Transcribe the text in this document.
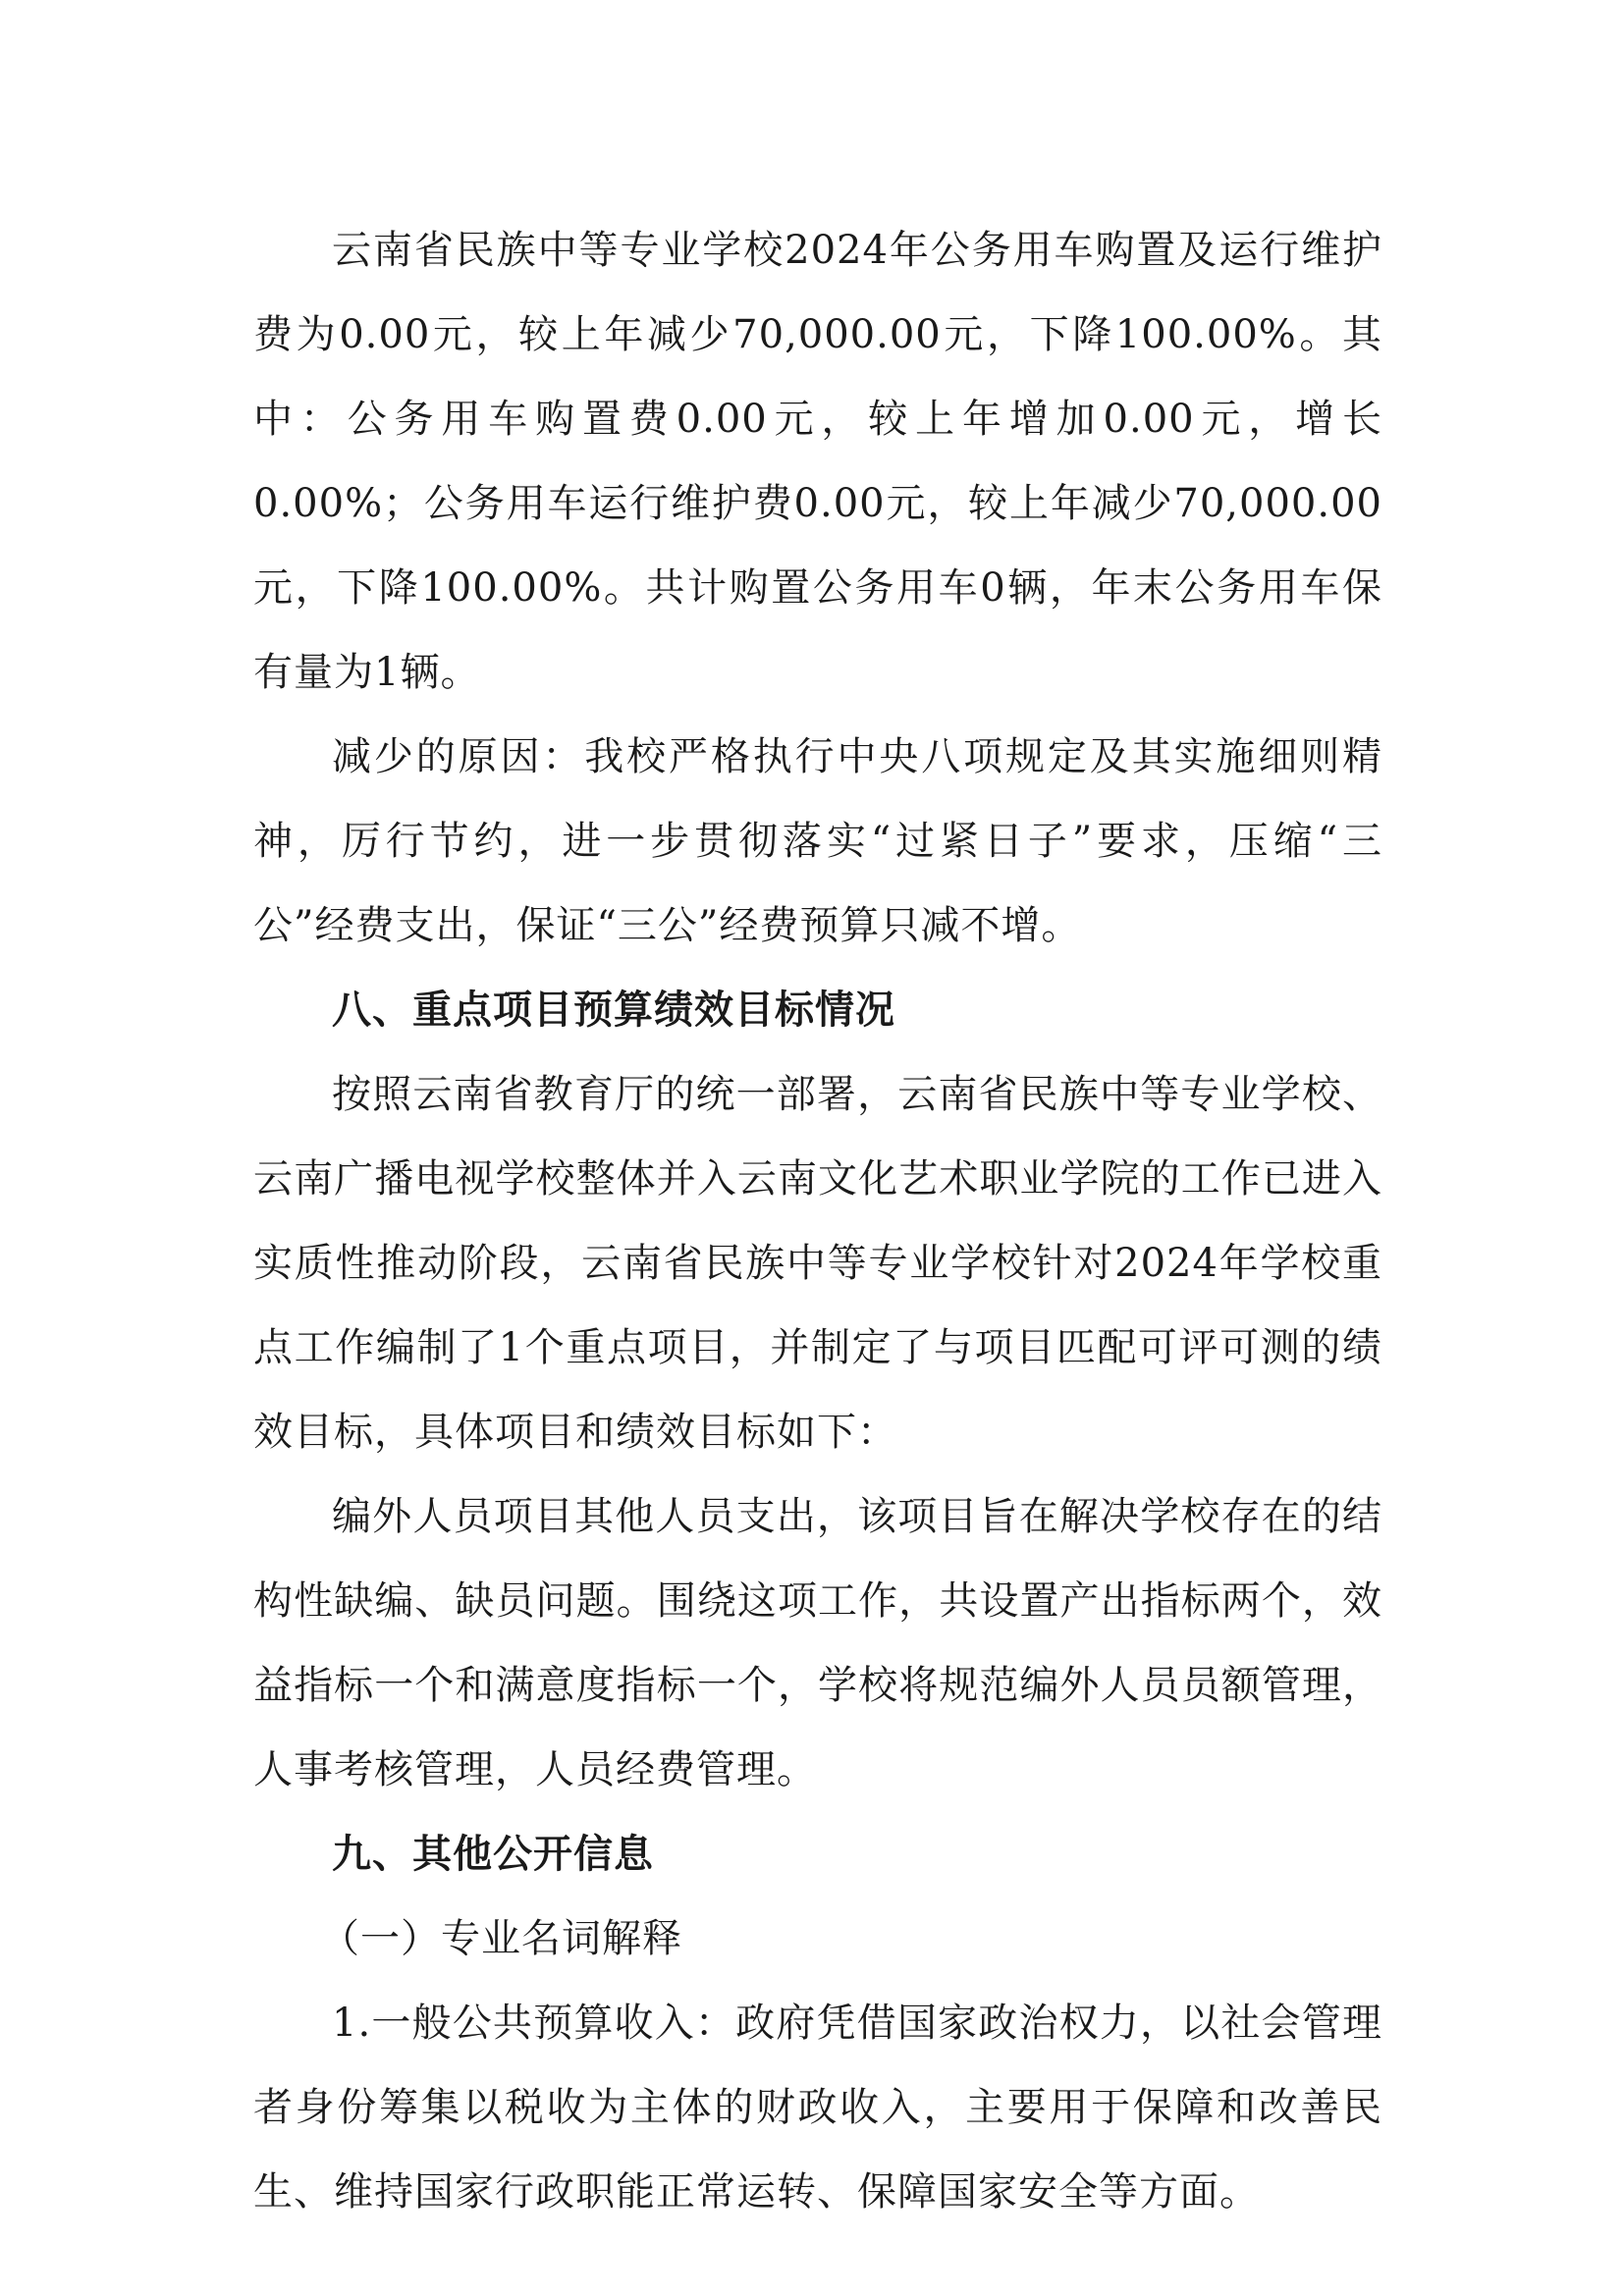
云南省民族中等专业学校2024年公务用车购置及运行维护费为0.00元，较上年减少70,000.00元，下降100.00%。其中：公务用车购置费0.00元，较上年增加0.00元，增长0.00%；公务用车运行维护费0.00元，较上年减少70,000.00元，下降100.00%。共计购置公务用车0辆，年末公务用车保有量为1辆。

减少的原因：我校严格执行中央八项规定及其实施细则精神，厉行节约，进一步贯彻落实“过紧日子”要求，压缩“三公”经费支出，保证“三公”经费预算只减不增。

八、重点项目预算绩效目标情况

按照云南省教育厅的统一部署，云南省民族中等专业学校、云南广播电视学校整体并入云南文化艺术职业学院的工作已进入实质性推动阶段，云南省民族中等专业学校针对2024年学校重点工作编制了1个重点项目，并制定了与项目匹配可评可测的绩效目标，具体项目和绩效目标如下：

编外人员项目其他人员支出，该项目旨在解决学校存在的结构性缺编、缺员问题。围绕这项工作，共设置产出指标两个，效益指标一个和满意度指标一个，学校将规范编外人员员额管理，人事考核管理，人员经费管理。

九、其他公开信息

（一）专业名词解释

1.一般公共预算收入：政府凭借国家政治权力，以社会管理者身份筹集以税收为主体的财政收入，主要用于保障和改善民生、维持国家行政职能正常运转、保障国家安全等方面。
